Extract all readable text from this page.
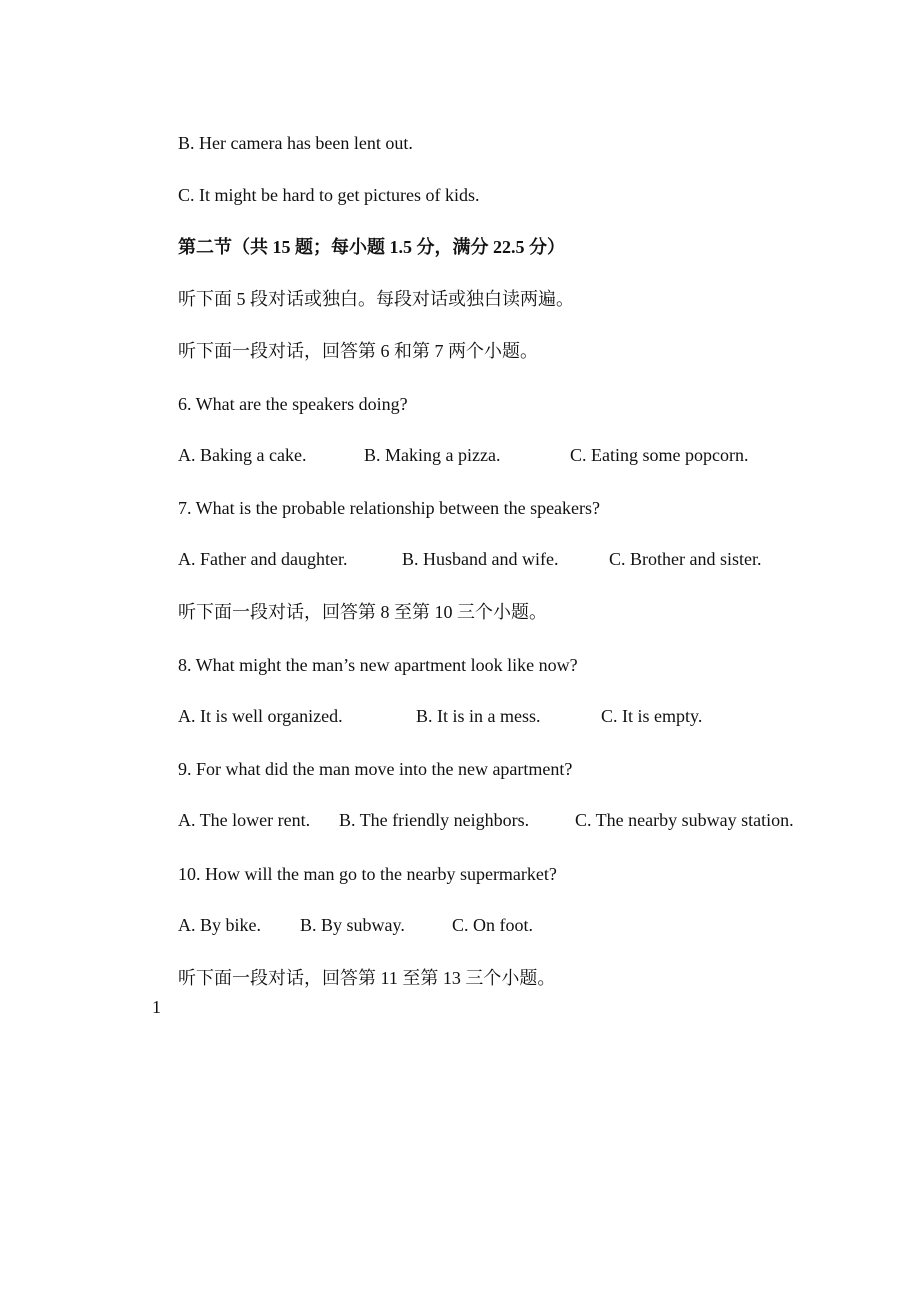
B. Her camera has been lent out.
C. It might be hard to get pictures of kids.
第二节（共 15 题；每小题 1.5 分，满分 22.5 分）
听下面 5 段对话或独白。每段对话或独白读两遍。
听下面一段对话，回答第 6 和第 7 两个小题。
6. What are the speakers doing?
A. Baking a cake.	B. Making a pizza.	C. Eating some popcorn.
7. What is the probable relationship between the speakers?
A. Father and daughter.	B. Husband and wife.	C. Brother and sister.
听下面一段对话，回答第 8 至第 10 三个小题。
8. What might the man’s new apartment look like now?
A. It is well organized.	B. It is in a mess.	C. It is empty.
9. For what did the man move into the new apartment?
A. The lower rent. B. The friendly neighbors.	C. The nearby subway station.
10. How will the man go to the nearby supermarket?
A. By bike. B. By subway.	C. On foot.
听下面一段对话，回答第 11 至第 13 三个小题。
1
